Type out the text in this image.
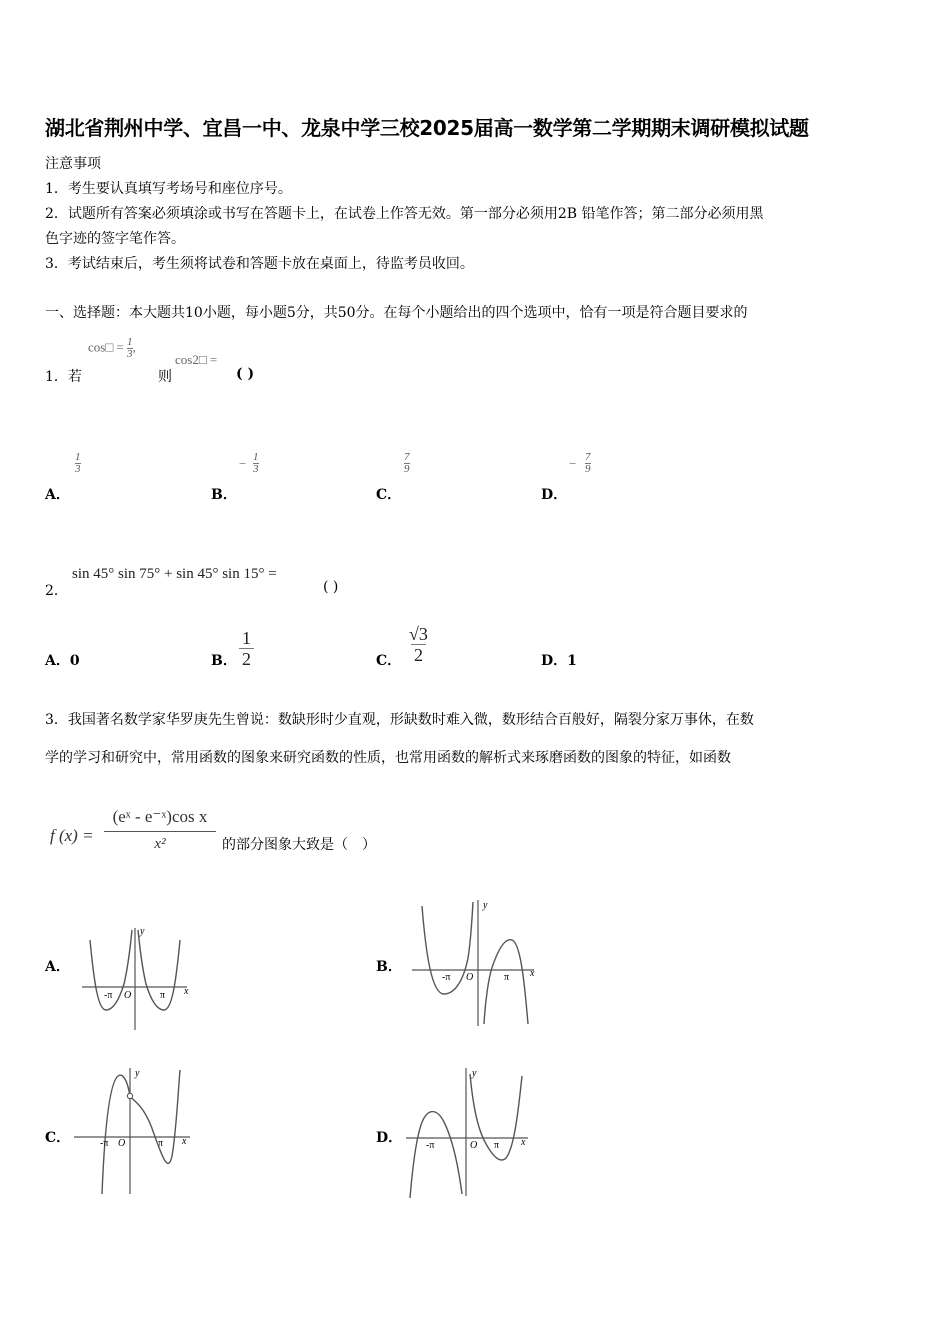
湖北省荆州中学、宜昌一中、龙泉中学三校2025届高一数学第二学期期末调研模拟试题
注意事项
1．考生要认真填写考场号和座位序号。
2．试题所有答案必须填涂或书写在答题卡上，在试卷上作答无效。第一部分必须用2B 铅笔作答；第二部分必须用黑
色字迹的签字笔作答。
3．考试结束后，考生须将试卷和答题卡放在桌面上，待监考员收回。
一、选择题：本大题共10小题，每小题5分，共50分。在每个小题给出的四个选项中，恰有一项是符合题目要求的
cos□ = $\frac{1}{3}$ ,
cos2□ =
1．若	则	( )
$\frac{1}{3}$
A．
− $\frac{1}{3}$
B．
$\frac{7}{9}$
C．
− $\frac{7}{9}$
D．
2．
sin 45° sin 75° + sin 45° sin 15° =
( )
A．0	B． $\frac{1}{2}$	C． $\frac{√3}{2}$	D．1
3．我国著名数学家华罗庚先生曾说：数缺形时少直观，形缺数时难入微，数形结合百般好，隔裂分家万事休，在数
学的学习和研究中，常用函数的图象来研究函数的性质，也常用函数的解析式来琢磨函数的图象的特征，如函数
f $(x) = \frac{\text{(eˣ - e⁻ˣ)cos x}}{\text{x²}}$ 的部分图象大致是（　）
A．	B．
C．	D．
y
x
O
-π	π
y
x
O
-π	π
y
x
O
-π	π
y
x
O
-π	π
